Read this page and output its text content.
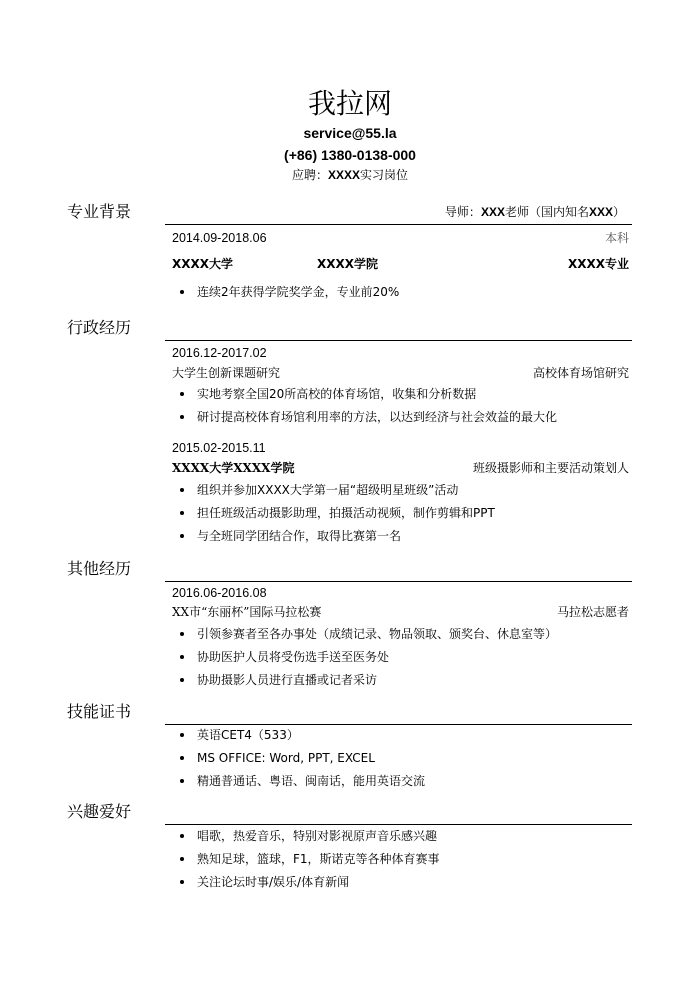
我拉网
service@55.la
(+86) 1380-0138-000
应聘：XXXX实习岗位
专业背景	导师：XXX老师（国内知名XXX）
2014.09-2018.06	本科
XXXX大学	XXXX学院	XXXX专业
连续2年获得学院奖学金，专业前20%
行政经历
2016.12-2017.02
大学生创新课题研究	高校体育场馆研究
实地考察全国20所高校的体育场馆，收集和分析数据
研讨提高校体育场馆利用率的方法，以达到经济与社会效益的最大化
2015.02-2015.11
XXXX大学XXXX学院	班级摄影师和主要活动策划人
组织并参加XXXX大学第一届“超级明星班级”活动
担任班级活动摄影助理，拍摄活动视频，制作剪辑和PPT
与全班同学团结合作，取得比赛第一名
其他经历
2016.06-2016.08
XX市“东丽杯”国际马拉松赛	马拉松志愿者
引领参赛者至各办事处（成绩记录、物品领取、颁奖台、休息室等）
协助医护人员将受伤选手送至医务处
协助摄影人员进行直播或记者采访
技能证书
英语CET4（533）
MS OFFICE: Word, PPT, EXCEL
精通普通话、粤语、闽南话，能用英语交流
兴趣爱好
唱歌，热爱音乐，特别对影视原声音乐感兴趣
熟知足球，篮球，F1，斯诺克等各种体育赛事
关注论坛时事/娱乐/体育新闻
